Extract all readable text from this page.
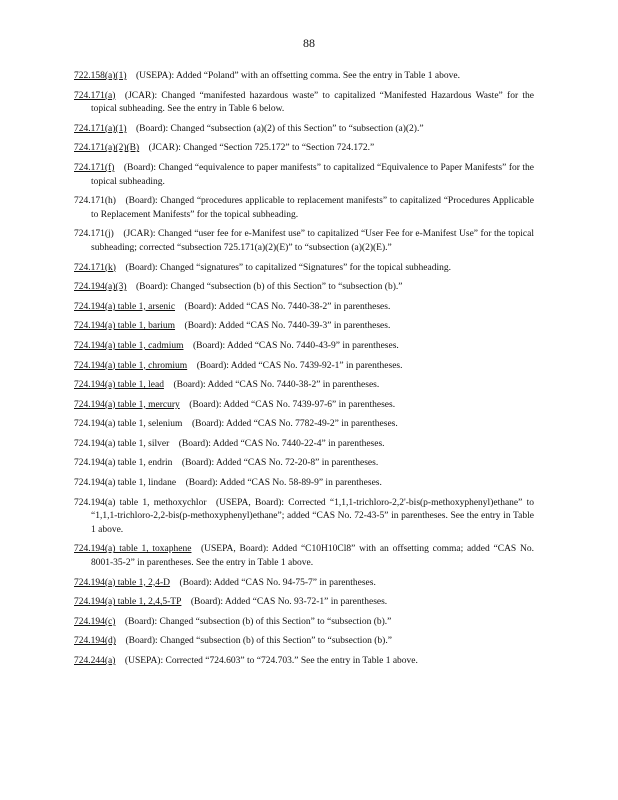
88

722.158(a)(1)  (USEPA): Added “Poland” with an offsetting comma. See the entry in Table 1 above.

724.171(a)  (JCAR): Changed “manifested hazardous waste” to capitalized “Manifested Hazardous Waste” for the topical subheading. See the entry in Table 6 below.

724.171(a)(1)  (Board): Changed “subsection (a)(2) of this Section” to “subsection (a)(2).”

724.171(a)(2)(B)  (JCAR): Changed “Section 725.172” to “Section 724.172.”

724.171(f)  (Board): Changed “equivalence to paper manifests” to capitalized “Equivalence to Paper Manifests” for the topical subheading.

724.171(h)  (Board): Changed “procedures applicable to replacement manifests” to capitalized “Procedures Applicable to Replacement Manifests” for the topical subheading.

724.171(j)  (JCAR): Changed “user fee for e-Manifest use” to capitalized “User Fee for e-Manifest Use” for the topical subheading; corrected “subsection 725.171(a)(2)(E)” to “subsection (a)(2)(E).”

724.171(k)  (Board): Changed “signatures” to capitalized “Signatures” for the topical subheading.

724.194(a)(3)  (Board): Changed “subsection (b) of this Section” to “subsection (b).”

724.194(a) table 1, arsenic  (Board): Added “CAS No. 7440-38-2” in parentheses.

724.194(a) table 1, barium  (Board): Added “CAS No. 7440-39-3” in parentheses.

724.194(a) table 1, cadmium  (Board): Added “CAS No. 7440-43-9” in parentheses.

724.194(a) table 1, chromium  (Board): Added “CAS No. 7439-92-1” in parentheses.

724.194(a) table 1, lead  (Board): Added “CAS No. 7440-38-2” in parentheses.

724.194(a) table 1, mercury  (Board): Added “CAS No. 7439-97-6” in parentheses.

724.194(a) table 1, selenium  (Board): Added “CAS No. 7782-49-2” in parentheses.

724.194(a) table 1, silver  (Board): Added “CAS No. 7440-22-4” in parentheses.

724.194(a) table 1, endrin  (Board): Added “CAS No. 72-20-8” in parentheses.

724.194(a) table 1, lindane  (Board): Added “CAS No. 58-89-9” in parentheses.

724.194(a) table 1, methoxychlor  (USEPA, Board): Corrected “1,1,1-trichloro-2,2'-bis(p-methoxyphenyl)ethane” to “1,1,1-trichloro-2,2-bis(p-methoxyphenyl)ethane”; added “CAS No. 72-43-5” in parentheses. See the entry in Table 1 above.

724.194(a) table 1, toxaphene  (USEPA, Board): Added “C10H10Cl8” with an offsetting comma; added “CAS No. 8001-35-2” in parentheses. See the entry in Table 1 above.

724.194(a) table 1, 2,4-D  (Board): Added “CAS No. 94-75-7” in parentheses.

724.194(a) table 1, 2,4,5-TP  (Board): Added “CAS No. 93-72-1” in parentheses.

724.194(c)  (Board): Changed “subsection (b) of this Section” to “subsection (b).”

724.194(d)  (Board): Changed “subsection (b) of this Section” to “subsection (b).”

724.244(a)  (USEPA): Corrected “724.603” to “724.703.” See the entry in Table 1 above.
